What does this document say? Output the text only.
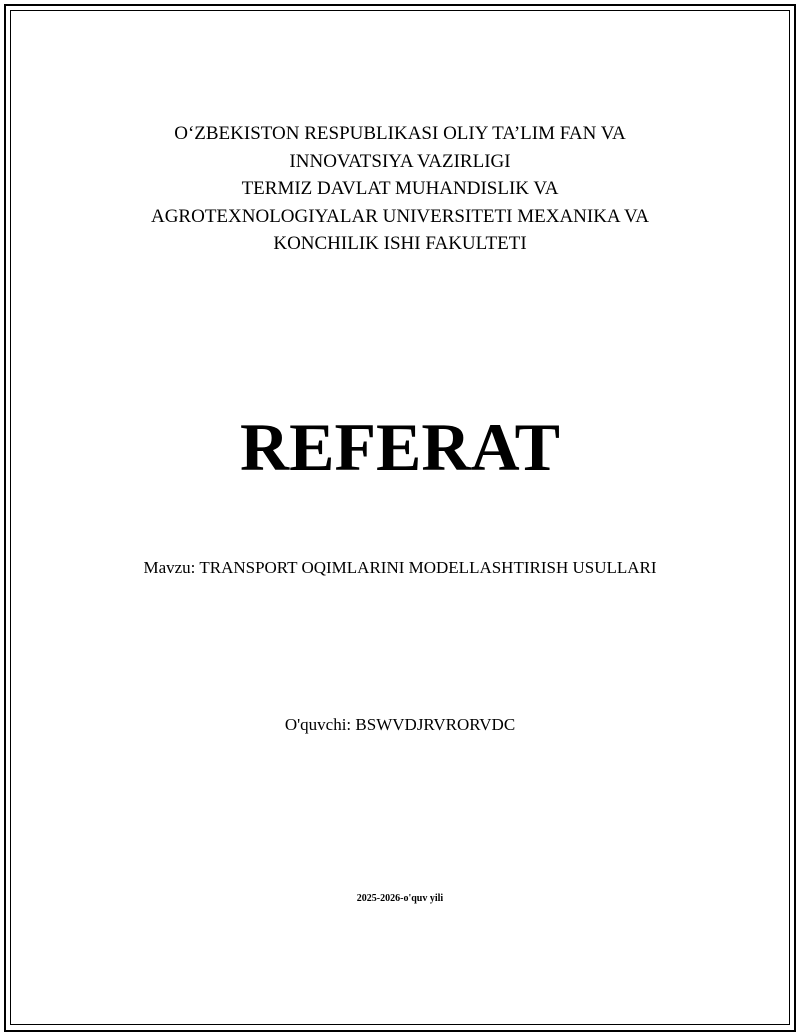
O‘ZBEKISTON RESPUBLIKASI OLIY TA’LIM FAN VA
INNOVATSIYA VAZIRLIGI
TERMIZ DAVLAT MUHANDISLIK VA
AGROTEXNOLOGIYALAR UNIVERSITETI MEXANIKA VA
KONCHILIK ISHI FAKULTETI
REFERAT
Mavzu: TRANSPORT OQIMLARINI MODELLASHTIRISH USULLARI
O'quvchi: BSWVDJRVRORVDC
2025-2026-o'quv yili
